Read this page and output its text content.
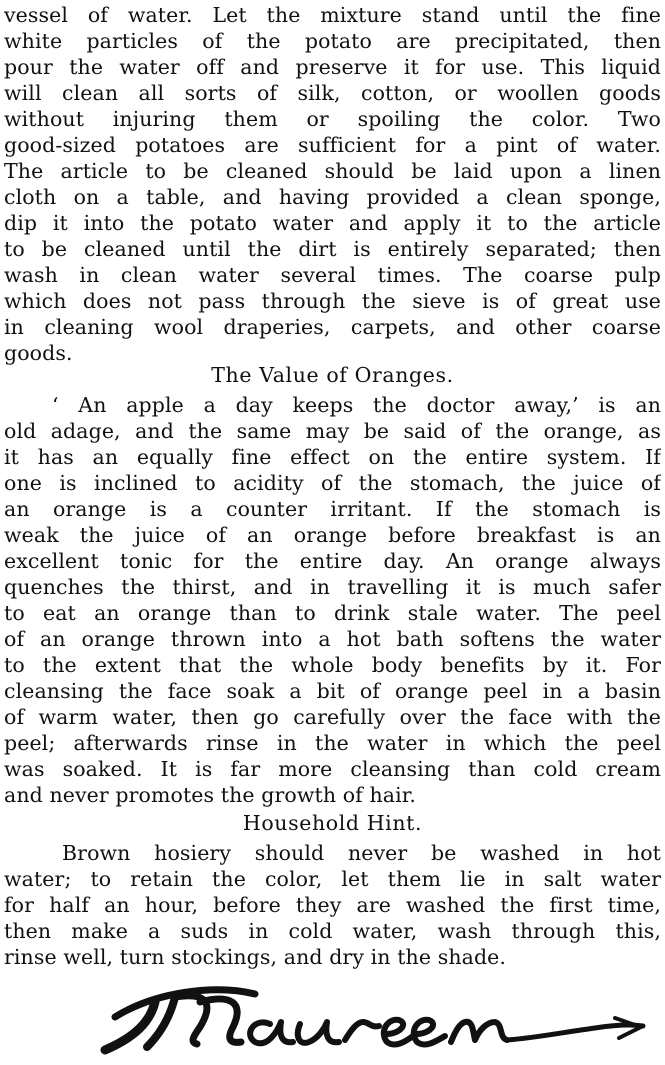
vessel of water. Let the mixture stand until the fine
white particles of the potato are precipitated, then
pour the water off and preserve it for use. This liquid
will clean all sorts of silk, cotton, or woollen goods
without injuring them or spoiling the color. Two
good-sized potatoes are sufficient for a pint of water.
The article to be cleaned should be laid upon a linen
cloth on a table, and having provided a clean sponge,
dip it into the potato water and apply it to the article
to be cleaned until the dirt is entirely separated; then
wash in clean water several times. The coarse pulp
which does not pass through the sieve is of great use
in cleaning wool draperies, carpets, and other coarse
goods.
The Value of Oranges.
‘ An apple a day keeps the doctor away,’ is an
old adage, and the same may be said of the orange, as
it has an equally fine effect on the entire system. If
one is inclined to acidity of the stomach, the juice of
an orange is a counter irritant. If the stomach is
weak the juice of an orange before breakfast is an
excellent tonic for the entire day. An orange always
quenches the thirst, and in travelling it is much safer
to eat an orange than to drink stale water. The peel
of an orange thrown into a hot bath softens the water
to the extent that the whole body benefits by it. For
cleansing the face soak a bit of orange peel in a basin
of warm water, then go carefully over the face with the
peel; afterwards rinse in the water in which the peel
was soaked. It is far more cleansing than cold cream
and never promotes the growth of hair.
Household Hint.
Brown hosiery should never be washed in hot
water; to retain the color, let them lie in salt water
for half an hour, before they are washed the first time,
then make a suds in cold water, wash through this,
rinse well, turn stockings, and dry in the shade.
